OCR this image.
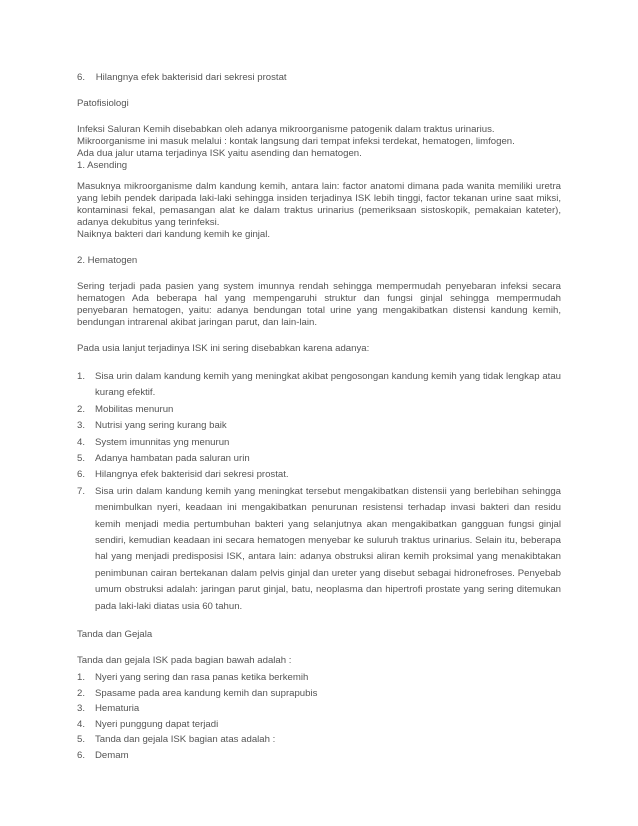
6. Hilangnya efek bakterisid dari sekresi prostat

Patofisiologi

Infeksi Saluran Kemih disebabkan oleh adanya mikroorganisme patogenik dalam traktus urinarius.

Mikroorganisme ini masuk melalui : kontak langsung dari tempat infeksi terdekat, hematogen, limfogen.

Ada dua jalur utama terjadinya ISK yaitu asending dan hematogen.

1. Asending

Masuknya mikroorganisme dalm kandung kemih, antara lain: factor anatomi dimana pada wanita memiliki uretra yang lebih pendek daripada laki-laki sehingga insiden terjadinya ISK lebih tinggi, factor tekanan urine saat miksi, kontaminasi fekal, pemasangan alat ke dalam traktus urinarius (pemeriksaan sistoskopik, pemakaian kateter), adanya dekubitus yang terinfeksi.

Naiknya bakteri dari kandung kemih ke ginjal.

2. Hematogen

Sering terjadi pada pasien yang system imunnya rendah sehingga mempermudah penyebaran infeksi secara hematogen Ada beberapa hal yang mempengaruhi struktur dan fungsi ginjal sehingga mempermudah penyebaran hematogen, yaitu: adanya bendungan total urine yang mengakibatkan distensi kandung kemih, bendungan intrarenal akibat jaringan parut, dan lain-lain.

Pada usia lanjut terjadinya ISK ini sering disebabkan karena adanya:

1. Sisa urin dalam kandung kemih yang meningkat akibat pengosongan kandung kemih yang tidak lengkap atau kurang efektif.
2. Mobilitas menurun
3. Nutrisi yang sering kurang baik
4. System imunnitas yng menurun
5. Adanya hambatan pada saluran urin
6. Hilangnya efek bakterisid dari sekresi prostat.
7. Sisa urin dalam kandung kemih yang meningkat tersebut mengakibatkan distensii yang berlebihan sehingga menimbulkan nyeri, keadaan ini mengakibatkan penurunan resistensi terhadap invasi bakteri dan residu kemih menjadi media pertumbuhan bakteri yang selanjutnya akan mengakibatkan gangguan fungsi ginjal sendiri, kemudian keadaan ini secara hematogen menyebar ke suluruh traktus urinarius. Selain itu, beberapa hal yang menjadi predisposisi ISK, antara lain: adanya obstruksi aliran kemih proksimal yang menakibtakan penimbunan cairan bertekanan dalam pelvis ginjal dan ureter yang disebut sebagai hidronefroses. Penyebab umum obstruksi adalah: jaringan parut ginjal, batu, neoplasma dan hipertrofi prostate yang sering ditemukan pada laki-laki diatas usia 60 tahun.

Tanda dan Gejala

Tanda dan gejala ISK pada bagian bawah adalah :

1. Nyeri yang sering dan rasa panas ketika berkemih
2. Spasame pada area kandung kemih dan suprapubis
3. Hematuria
4. Nyeri punggung dapat terjadi
5. Tanda dan gejala ISK bagian atas adalah :
6. Demam
